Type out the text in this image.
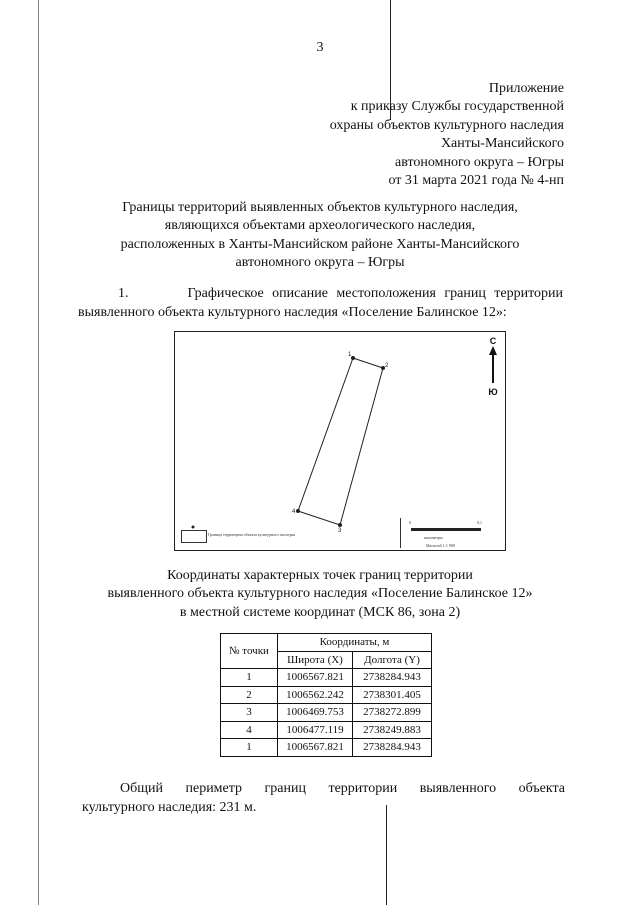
3
Приложение
к приказу Службы государственной
охраны объектов культурного наследия
Ханты-Мансийского
автономного округа – Югры
от 31 марта 2021 года № 4-нп
Границы территорий выявленных объектов культурного наследия,
являющихся объектами археологического наследия,
расположенных в Ханты-Мансийском районе Ханты-Мансийского
автономного округа – Югры
1.	Графическое описание местоположения границ территории выявленного объекта культурного наследия «Поселение Балинское 12»:
1
2
3
4
С
Ю
Граница территории объекта культурного наследия
0	0,1
километры
Масштаб 1:1 900
Координаты характерных точек границ территории
выявленного объекта культурного наследия «Поселение Балинское 12»
в местной системе координат (МСК 86, зона 2)
№ точки	Координаты, м	
	Широта (X)	Долгота (Y)
1	1006567.821	2738284.943
2	1006562.242	2738301.405
3	1006469.753	2738272.899
4	1006477.119	2738249.883
1	1006567.821	2738284.943
Общий периметр границ территории выявленного объекта
культурного наследия: 231 м.
